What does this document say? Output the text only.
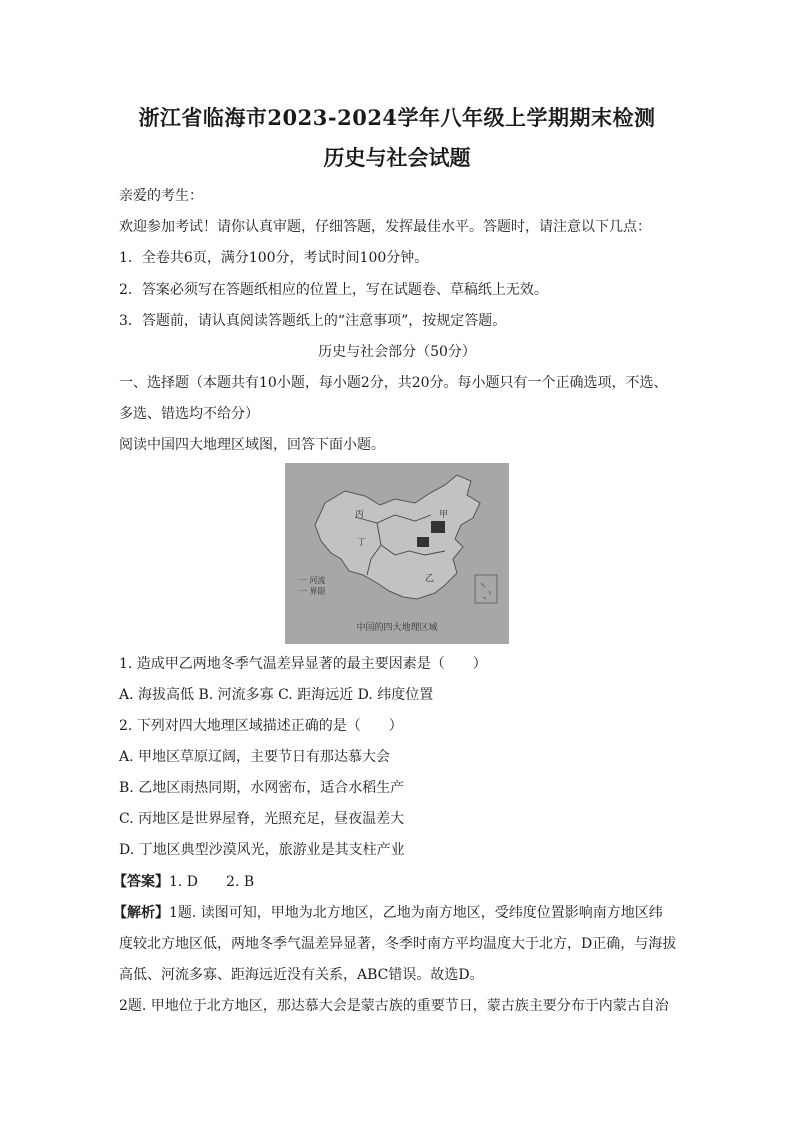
浙江省临海市2023-2024学年八年级上学期期末检测
历史与社会试题
亲爱的考生：
欢迎参加考试！请你认真审题，仔细答题，发挥最佳水平。答题时，请注意以下几点：
1．全卷共6页，满分100分，考试时间100分钟。
2．答案必须写在答题纸相应的位置上，写在试题卷、草稿纸上无效。
3．答题前，请认真阅读答题纸上的“注意事项”，按规定答题。
历史与社会部分（50分）
一、选择题（本题共有10小题，每小题2分，共20分。每小题只有一个正确选项，不选、
多选、错选均不给分）
阅读中国四大地理区域图，回答下面小题。
丙
丁
甲
乙
一 河流
一 界限
中国的四大地理区域
1. 造成甲乙两地冬季气温差异显著的最主要因素是（　　）
A. 海拔高低 B. 河流多寡 C. 距海远近 D. 纬度位置
2. 下列对四大地理区域描述正确的是（　　）
A. 甲地区草原辽阔，主要节日有那达慕大会
B. 乙地区雨热同期，水网密布，适合水稻生产
C. 丙地区是世界屋脊，光照充足，昼夜温差大
D. 丁地区典型沙漠风光，旅游业是其支柱产业
【答案】1. D　　2. B
【解析】1题. 读图可知，甲地为北方地区，乙地为南方地区，受纬度位置影响南方地区纬
度较北方地区低，两地冬季气温差异显著，冬季时南方平均温度大于北方，D正确，与海拔
高低、河流多寡、距海远近没有关系，ABC错误。故选D。
2题. 甲地位于北方地区，那达慕大会是蒙古族的重要节日，蒙古族主要分布于内蒙古自治
